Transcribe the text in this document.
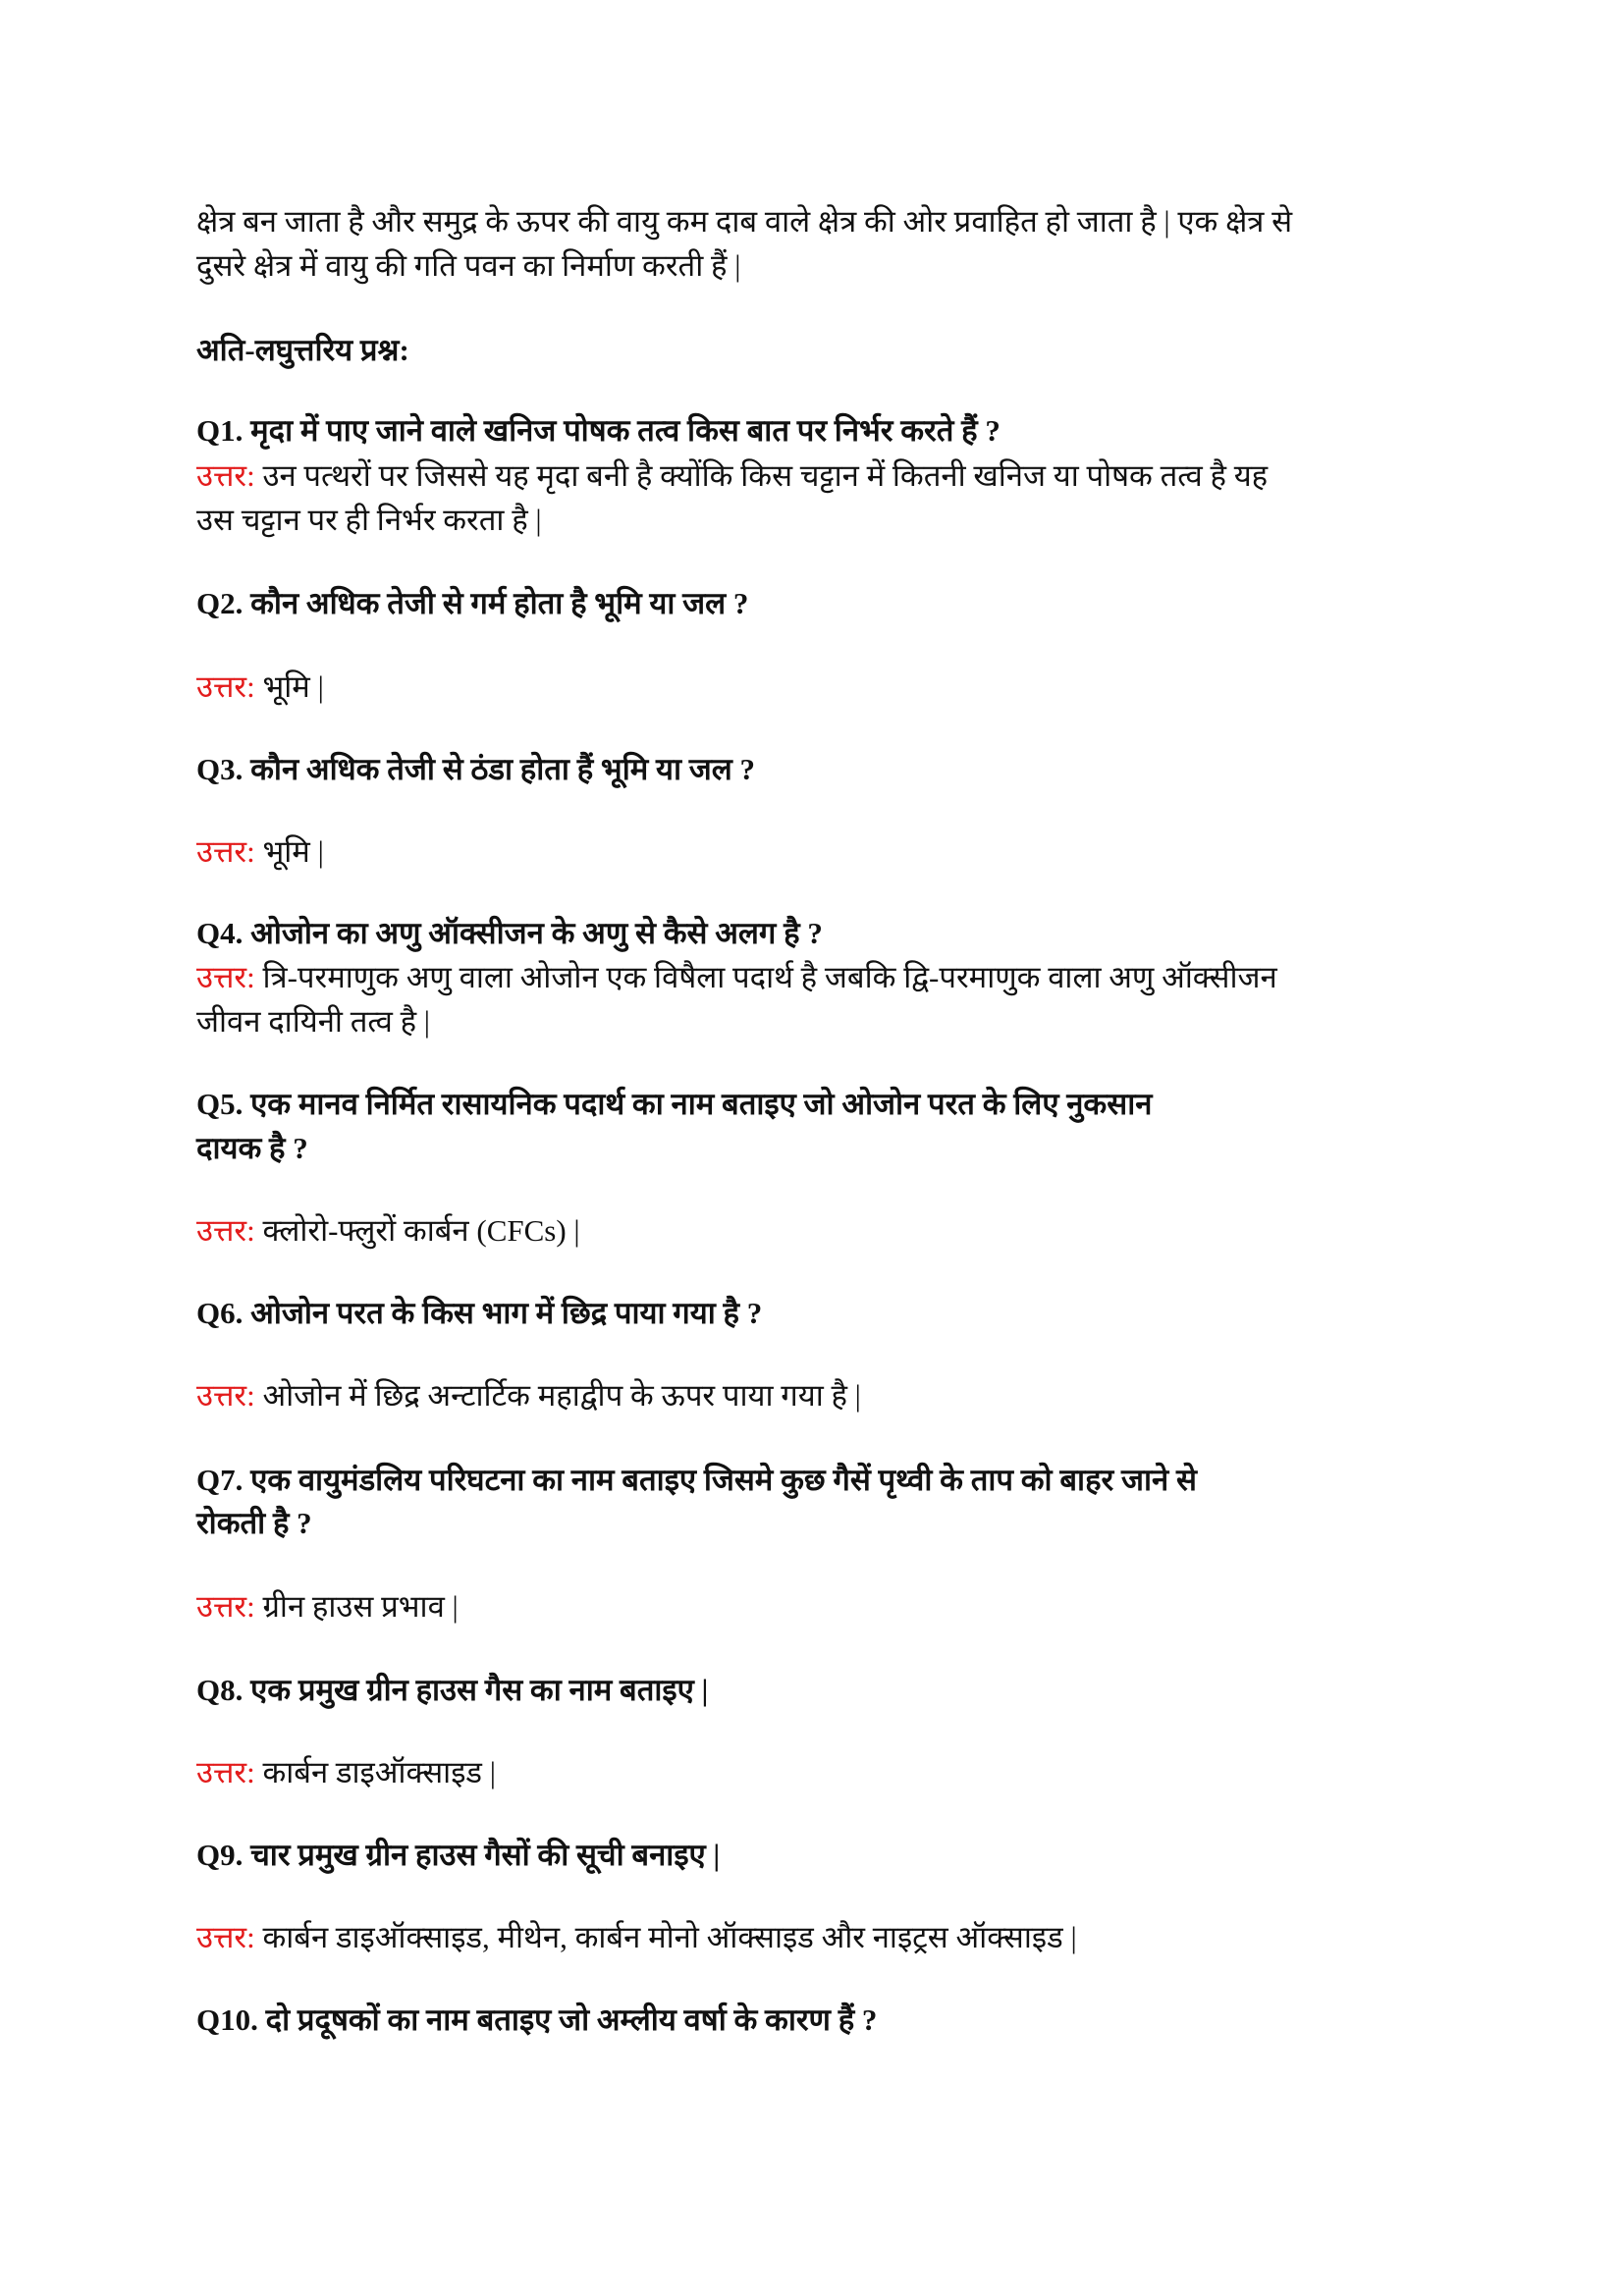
क्षेत्र बन जाता है और समुद्र के ऊपर की वायु कम दाब वाले क्षेत्र की ओर प्रवाहित हो जाता है | एक क्षेत्र से
दुसरे क्षेत्र में वायु की गति पवन का निर्माण करती हैं |
अति-लघुत्तरिय प्रश्न:
Q1. मृदा में पाए जाने वाले खनिज पोषक तत्व किस बात पर निर्भर करते हैं ?
उत्तर: उन पत्थरों पर जिससे यह मृदा बनी है क्योंकि किस चट्टान में कितनी खनिज या पोषक तत्व है यह
उस चट्टान पर ही निर्भर करता है |
Q2. कौन अधिक तेजी से गर्म होता है भूमि या जल ?
उत्तर: भूमि |
Q3. कौन अधिक तेजी से ठंडा होता हैं भूमि या जल ?
उत्तर: भूमि |
Q4. ओजोन का अणु ऑक्सीजन के अणु से कैसे अलग है ?
उत्तर: त्रि-परमाणुक अणु वाला ओजोन एक विषैला पदार्थ है जबकि द्वि-परमाणुक वाला अणु ऑक्सीजन
जीवन दायिनी तत्व है |
Q5. एक मानव निर्मित रासायनिक पदार्थ का नाम बताइए जो ओजोन परत के लिए नुकसान
दायक है ?
उत्तर: क्लोरो-फ्लुरों कार्बन (CFCs) |
Q6. ओजोन परत के किस भाग में छिद्र पाया गया है ?
उत्तर: ओजोन में छिद्र अन्टार्टिक महाद्वीप के ऊपर पाया गया है |
Q7. एक वायुमंडलिय परिघटना का नाम बताइए जिसमे कुछ गैसें पृथ्वी के ताप को बाहर जाने से
रोकती है ?
उत्तर: ग्रीन हाउस प्रभाव |
Q8. एक प्रमुख ग्रीन हाउस गैस का नाम बताइए |
उत्तर: कार्बन डाइऑक्साइड |
Q9. चार प्रमुख ग्रीन हाउस गैसों की सूची बनाइए |
उत्तर: कार्बन डाइऑक्साइड, मीथेन, कार्बन मोनो ऑक्साइड और नाइट्रस ऑक्साइड |
Q10. दो प्रदूषकों का नाम बताइए जो अम्लीय वर्षा के कारण हैं ?
